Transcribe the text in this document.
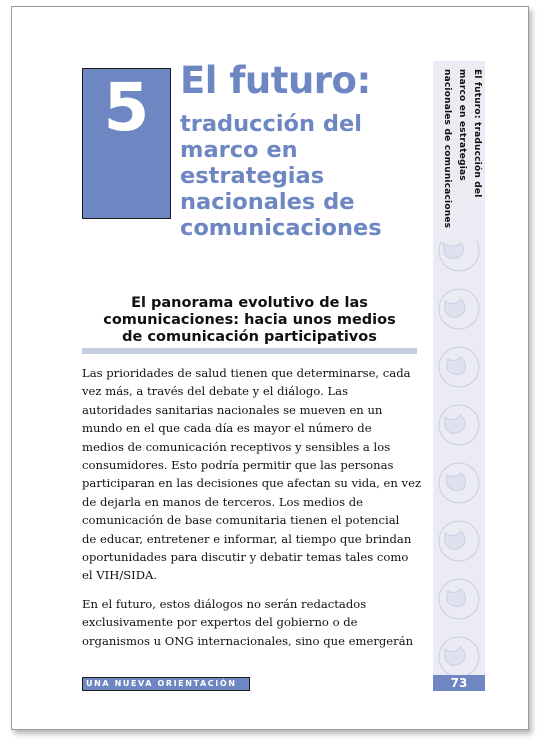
5 El futuro:
traducción del
marco en
estrategias
nacionales de
comunicaciones
El futuro: traducción del
marco en estrategias
nacionales de comunicaciones
El panorama evolutivo de las
comunicaciones: hacia unos medios
de comunicación participativos

Las prioridades de salud tienen que determinarse, cada
vez más, a través del debate y el diálogo. Las
autoridades sanitarias nacionales se mueven en un
mundo en el que cada día es mayor el número de
medios de comunicación receptivos y sensibles a los
consumidores. Esto podría permitir que las personas
participaran en las decisiones que afectan su vida, en vez
de dejarla en manos de terceros. Los medios de
comunicación de base comunitaria tienen el potencial
de educar, entretener e informar, al tiempo que brindan
oportunidades para discutir y debatir temas tales como
el VIH/SIDA.

En el futuro, estos diálogos no serán redactados
exclusivamente por expertos del gobierno o de
organismos u ONG internacionales, sino que emergerán

UNA NUEVA ORIENTACIÓN	73
